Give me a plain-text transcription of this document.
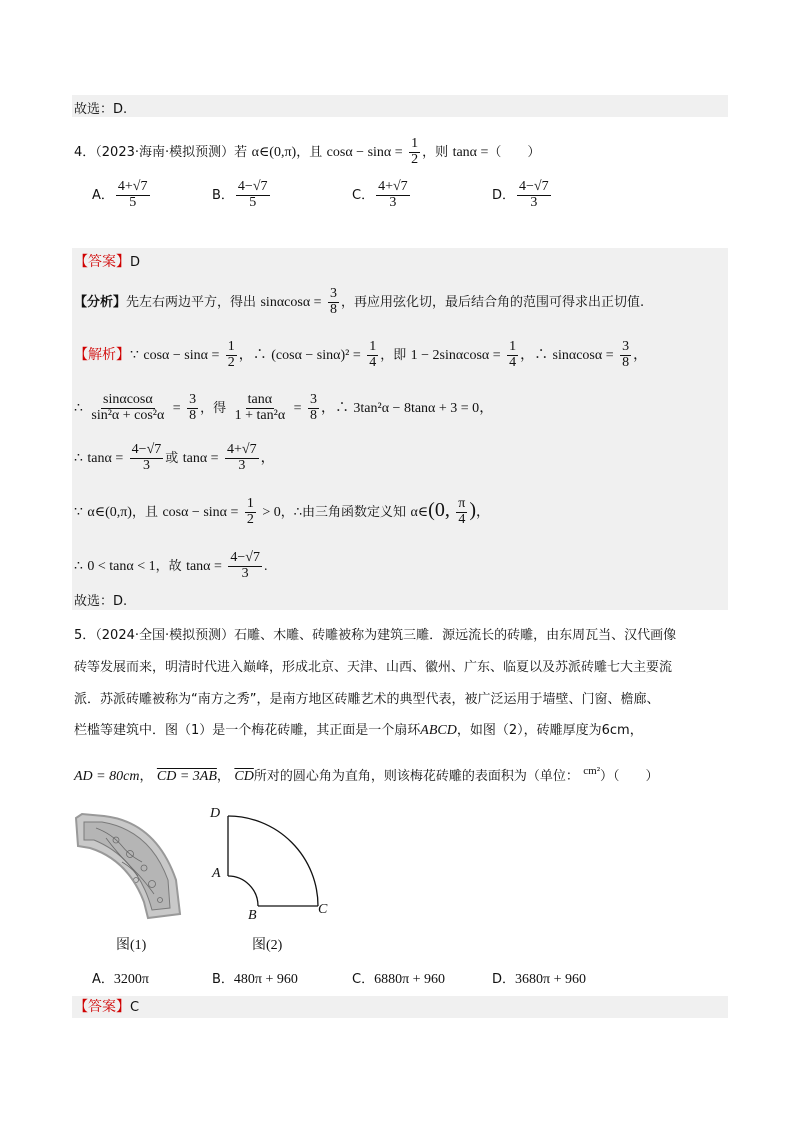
故选：D.
4．（2023·海南·模拟预测）若 α∈(0,π)，且 $\cos\alpha - \sin\alpha = \frac{1}{2}$ ，则 tanα =（　　）
A． $\frac{4+√7}{5}$	B． $\frac{4-√7}{5}$	C． $\frac{4+√7}{3}$	D． $\frac{4-√7}{3}$
【答案】D
【分析】先左右两边平方，得出 $\sin\alpha\cos\alpha = \frac{3}{8}$ ，再应用弦化切，最后结合角的范围可得求出正切值.
【解析】∵ $\cos\alpha - \sin\alpha = \frac{1}{2}$ ，∴ $(\cos\alpha - \sin\alpha)^2 = \frac{1}{4}$ ，即 $1 - 2\sin\alpha\cos\alpha = \frac{1}{4}$ ，∴ $\sin\alpha\cos\alpha = \frac{3}{8}$ ，
∴ $\frac{\sin\alpha\cos\alpha}{\text{sin²α + cos²α}} = \frac{3}{8}$ ，得 $\frac{\tan\alpha}{\text{1 + tan²α}} = \frac{3}{8}$ ，∴ 3tan²α − 8tanα + 3 = 0，
∴ $\tan\alpha = \frac{4-√7}{3}$ 或 $\tan\alpha = \frac{4+√7}{3}$ ，
∵ α∈(0,π)，且 $\cos\alpha - \sin\alpha = \frac{1}{2} > 0$，∴由三角函数定义知 α∈(0, $\frac{\pi}{4}$ )，
∴ 0 < tanα < 1，故 $\tan\alpha = \frac{4-√7}{3}$ .
故选：D.
5．（2024·全国·模拟预测）石雕、木雕、砖雕被称为建筑三雕．源远流长的砖雕，由东周瓦当、汉代画像
砖等发展而来，明清时代进入巅峰，形成北京、天津、山西、徽州、广东、临夏以及苏派砖雕七大主要流
派．苏派砖雕被称为“南方之秀”，是南方地区砖雕艺术的典型代表，被广泛运用于墙壁、门窗、檐廊、
栏槛等建筑中．图（1）是一个梅花砖雕，其正面是一个扇环ABCD，如图（2），砖雕厚度为6cm，
AD = 80cm， CD = 3AB， $\overline{CD}$所对的圆心角为直角，则该梅花砖雕的表面积为（单位： $^{cm^2}$）（　　）
图(1)
D
A
B	C
图(2)
A．3200π	B．480π + 960	C．6880π + 960	D．3680π + 960
【答案】C
